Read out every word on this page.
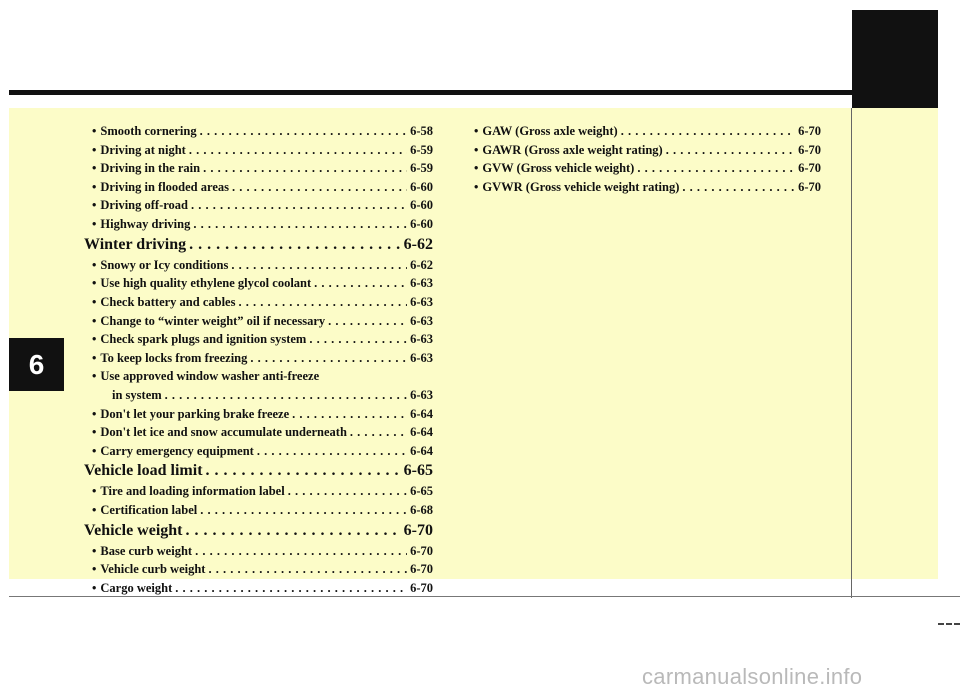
6
• Smooth cornering . . .	6-58
• Driving at night . . .	6-59
• Driving in the rain . . .	6-59
• Driving in flooded areas . . .	6-60
• Driving off-road . . .	6-60
• Highway driving . . .	6-60
Winter driving . . .	6-62
• Snowy or Icy conditions . . .	6-62
• Use high quality ethylene glycol coolant . . .	6-63
• Check battery and cables . . .	6-63
• Change to “winter weight” oil if necessary . . .	6-63
• Check spark plugs and ignition system . . .	6-63
• To keep locks from freezing . . .	6-63
• Use approved window washer anti-freeze
in system . . .	6-63
• Don't let your parking brake freeze . . .	6-64
• Don't let ice and snow accumulate underneath . . .	6-64
• Carry emergency equipment . . .	6-64
Vehicle load limit . . .	6-65
• Tire and loading information label . . .	6-65
• Certification label . . .	6-68
Vehicle weight . . .	6-70
• Base curb weight . . .	6-70
• Vehicle curb weight . . .	6-70
• Cargo weight . . .	6-70
• GAW (Gross axle weight) . . .	6-70
• GAWR (Gross axle weight rating) . . .	6-70
• GVW (Gross vehicle weight) . . .	6-70
• GVWR (Gross vehicle weight rating) . . .	6-70
carmanualsonline.info
